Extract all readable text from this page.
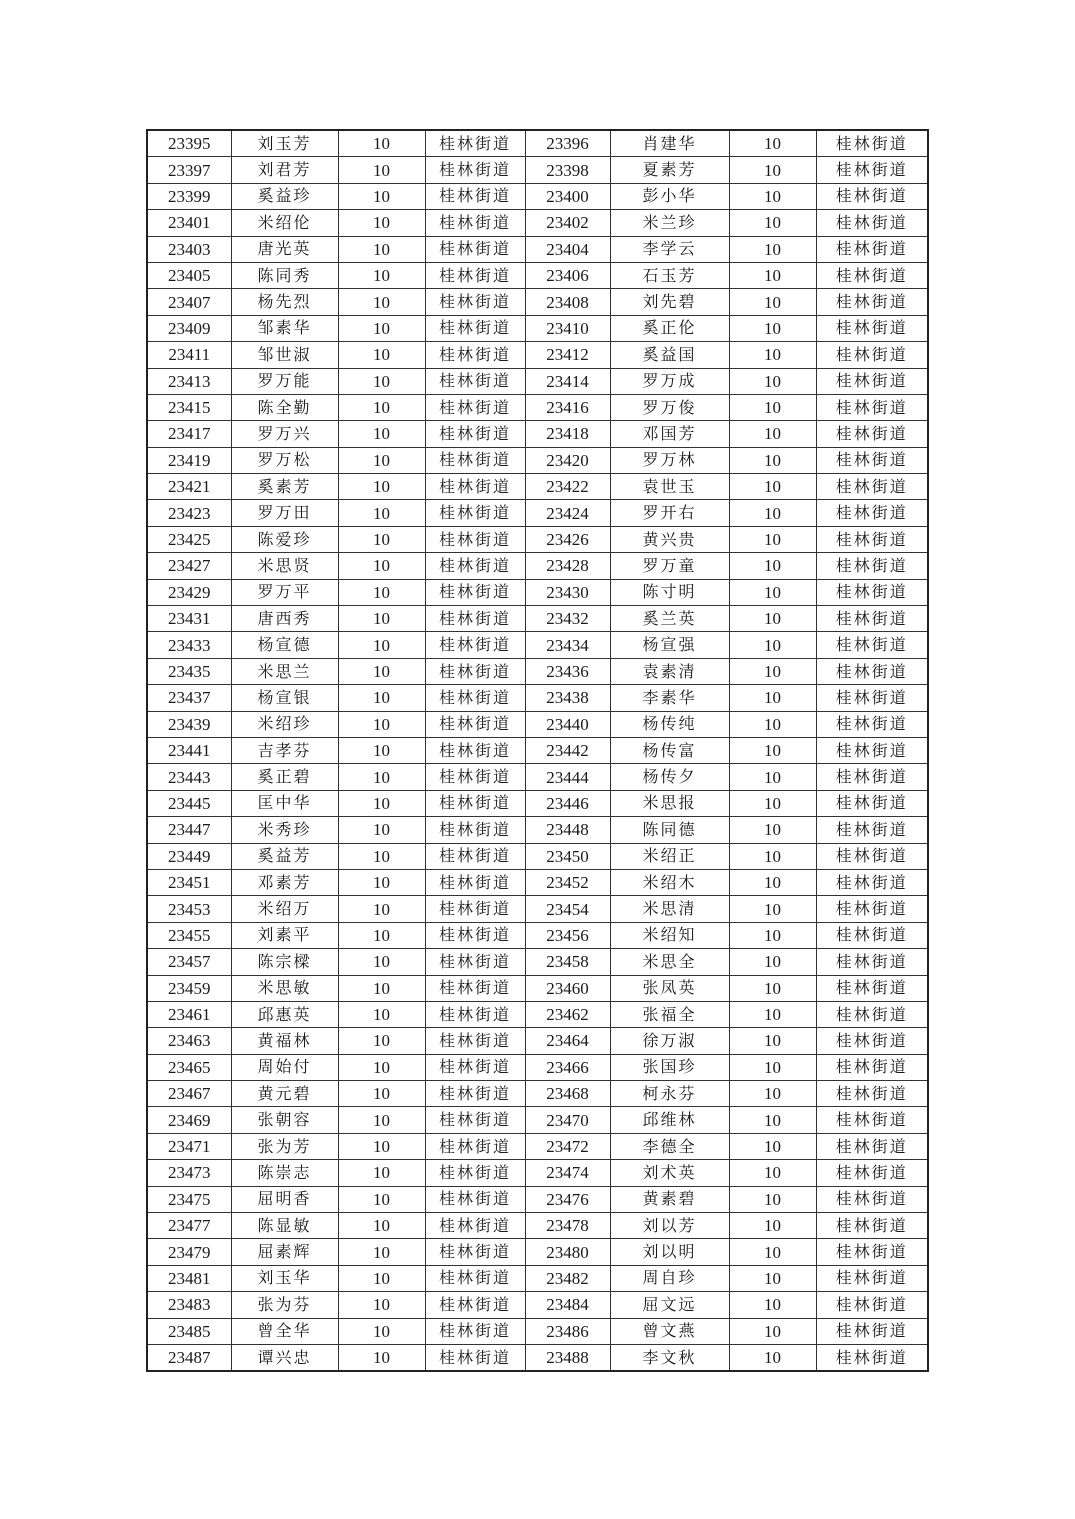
23395	刘玉芳	10	桂林街道	23396	肖建华	10	桂林街道
23397	刘君芳	10	桂林街道	23398	夏素芳	10	桂林街道
23399	奚益珍	10	桂林街道	23400	彭小华	10	桂林街道
23401	米绍伦	10	桂林街道	23402	米兰珍	10	桂林街道
23403	唐光英	10	桂林街道	23404	李学云	10	桂林街道
23405	陈同秀	10	桂林街道	23406	石玉芳	10	桂林街道
23407	杨先烈	10	桂林街道	23408	刘先碧	10	桂林街道
23409	邹素华	10	桂林街道	23410	奚正伦	10	桂林街道
23411	邹世淑	10	桂林街道	23412	奚益国	10	桂林街道
23413	罗万能	10	桂林街道	23414	罗万成	10	桂林街道
23415	陈全勤	10	桂林街道	23416	罗万俊	10	桂林街道
23417	罗万兴	10	桂林街道	23418	邓国芳	10	桂林街道
23419	罗万松	10	桂林街道	23420	罗万林	10	桂林街道
23421	奚素芳	10	桂林街道	23422	袁世玉	10	桂林街道
23423	罗万田	10	桂林街道	23424	罗开右	10	桂林街道
23425	陈爱珍	10	桂林街道	23426	黄兴贵	10	桂林街道
23427	米思贤	10	桂林街道	23428	罗万童	10	桂林街道
23429	罗万平	10	桂林街道	23430	陈寸明	10	桂林街道
23431	唐西秀	10	桂林街道	23432	奚兰英	10	桂林街道
23433	杨宣德	10	桂林街道	23434	杨宣强	10	桂林街道
23435	米思兰	10	桂林街道	23436	袁素清	10	桂林街道
23437	杨宣银	10	桂林街道	23438	李素华	10	桂林街道
23439	米绍珍	10	桂林街道	23440	杨传纯	10	桂林街道
23441	吉孝芬	10	桂林街道	23442	杨传富	10	桂林街道
23443	奚正碧	10	桂林街道	23444	杨传夕	10	桂林街道
23445	匡中华	10	桂林街道	23446	米思报	10	桂林街道
23447	米秀珍	10	桂林街道	23448	陈同德	10	桂林街道
23449	奚益芳	10	桂林街道	23450	米绍正	10	桂林街道
23451	邓素芳	10	桂林街道	23452	米绍木	10	桂林街道
23453	米绍万	10	桂林街道	23454	米思清	10	桂林街道
23455	刘素平	10	桂林街道	23456	米绍知	10	桂林街道
23457	陈宗樑	10	桂林街道	23458	米思全	10	桂林街道
23459	米思敏	10	桂林街道	23460	张凤英	10	桂林街道
23461	邱惠英	10	桂林街道	23462	张福全	10	桂林街道
23463	黄福林	10	桂林街道	23464	徐万淑	10	桂林街道
23465	周始付	10	桂林街道	23466	张国珍	10	桂林街道
23467	黄元碧	10	桂林街道	23468	柯永芬	10	桂林街道
23469	张朝容	10	桂林街道	23470	邱维林	10	桂林街道
23471	张为芳	10	桂林街道	23472	李德全	10	桂林街道
23473	陈崇志	10	桂林街道	23474	刘术英	10	桂林街道
23475	屈明香	10	桂林街道	23476	黄素碧	10	桂林街道
23477	陈显敏	10	桂林街道	23478	刘以芳	10	桂林街道
23479	屈素辉	10	桂林街道	23480	刘以明	10	桂林街道
23481	刘玉华	10	桂林街道	23482	周自珍	10	桂林街道
23483	张为芬	10	桂林街道	23484	屈文远	10	桂林街道
23485	曾全华	10	桂林街道	23486	曾文燕	10	桂林街道
23487	谭兴忠	10	桂林街道	23488	李文秋	10	桂林街道
